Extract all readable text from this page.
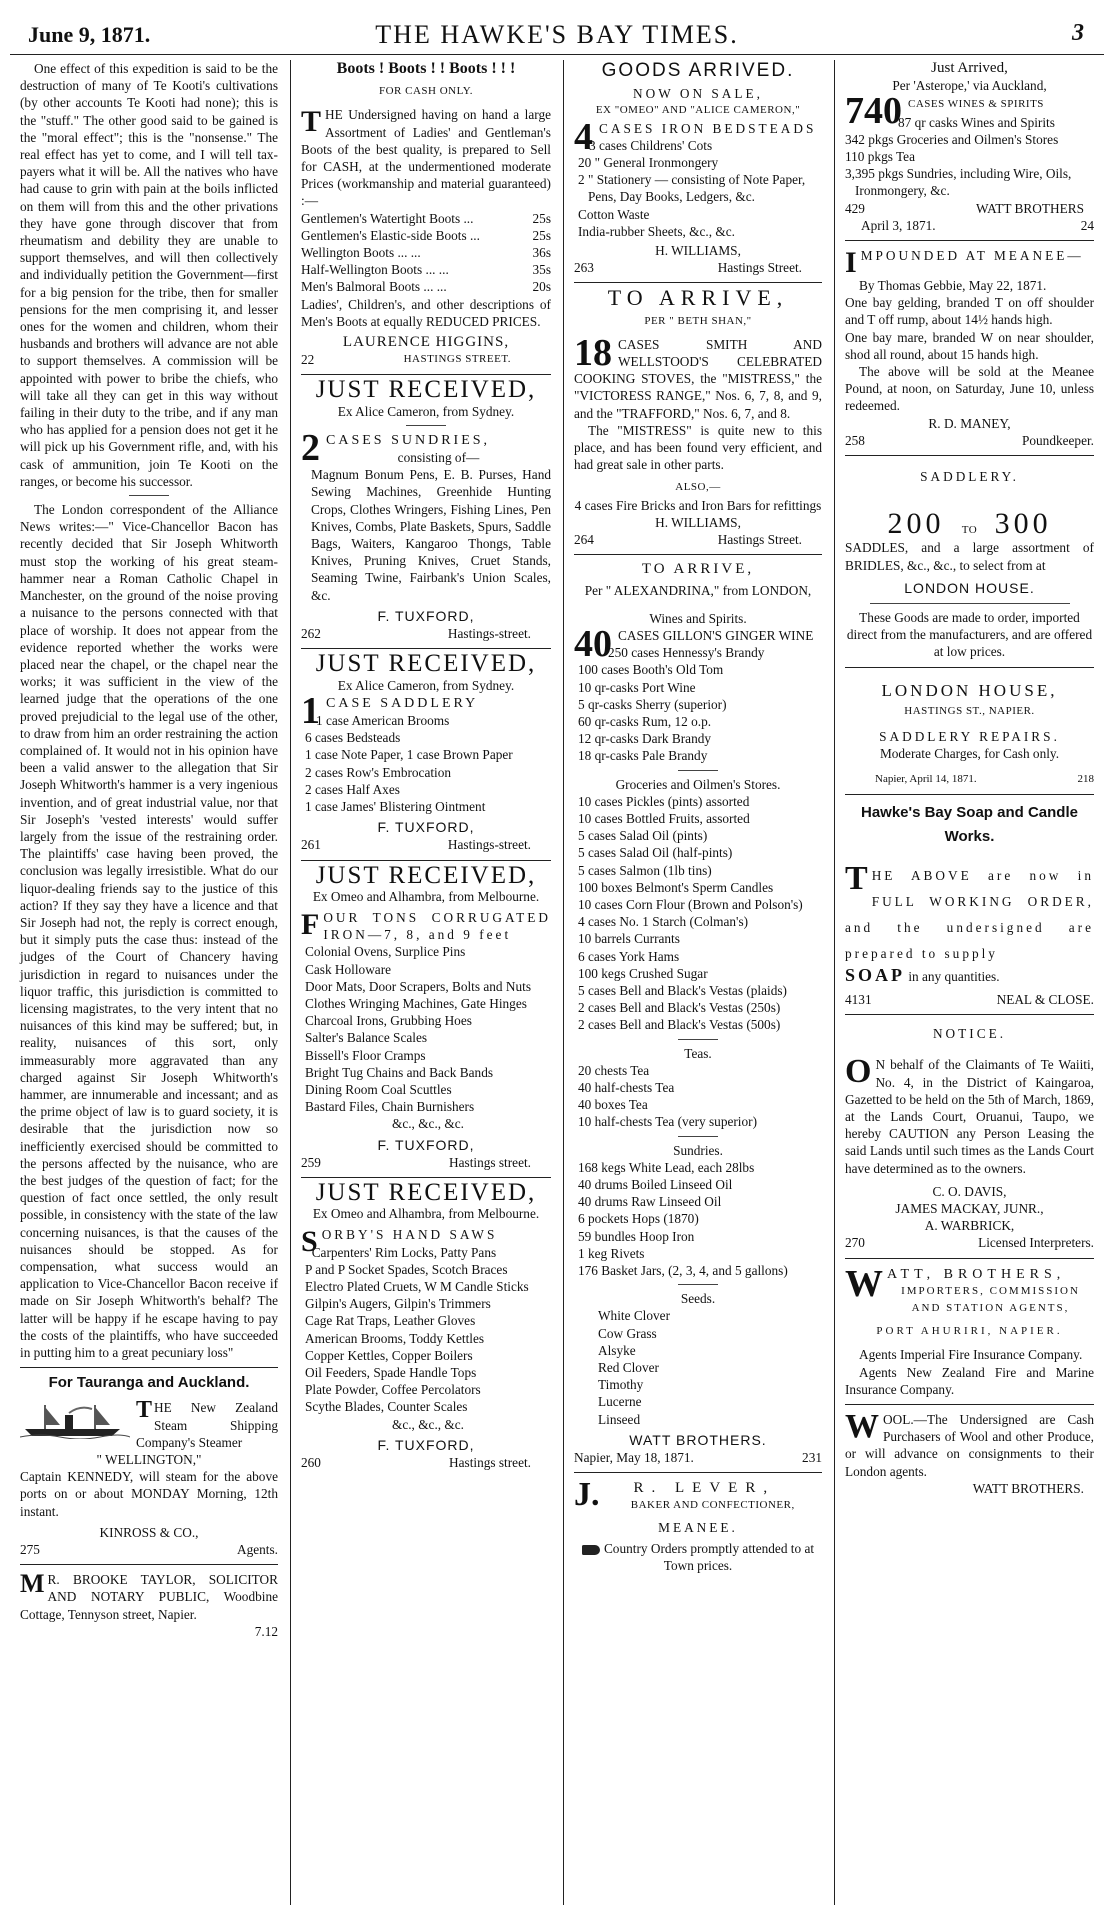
June 9, 1871.	THE HAWKE'S BAY TIMES.	3

One effect of this expedition is said to be the destruction of many of Te Kooti's cultivations (by other accounts Te Kooti had none); this is the "stuff." The other good said to be gained is the "moral effect"; this is the "nonsense." The real effect has yet to come, and I will tell tax-payers what it will be. All the natives who have had cause to grin with pain at the boils inflicted on them will from this and the other privations they have gone through discover that from rheumatism and debility they are unable to support themselves, and will then collectively and individually petition the Government—first for a big pension for the tribe, then for smaller pensions for the men comprising it, and lesser ones for the women and children, whom their husbands and brothers will advance are not able to support themselves. A commission will be appointed with power to bribe the chiefs, who will take all they can get in this way without failing in their duty to the tribe, and if any man who has applied for a pension does not get it he will pick up his Government rifle, and, with his cask of ammunition, join Te Kooti on the ranges, or become his successor.

The London correspondent of the Alliance News writes:—" Vice-Chancellor Bacon has recently decided that Sir Joseph Whitworth must stop the working of his great steam-hammer near a Roman Catholic Chapel in Manchester, on the ground of the noise proving a nuisance to the persons connected with that place of worship. It does not appear from the evidence reported whether the works were placed near the chapel, or the chapel near the works; it was sufficient in the view of the learned judge that the operations of the one proved prejudicial to the legal use of the other, to draw from him an order restraining the action complained of. It would not in his opinion have been a valid answer to the allegation that Sir Joseph Whitworth's hammer is a very ingenious invention, and of great industrial value, nor that Sir Joseph's 'vested interests' would suffer largely from the issue of the restraining order. The plaintiffs' case having been proved, the conclusion was legally irresistible. What do our liquor-dealing friends say to the justice of this action? If they say they have a licence and that Sir Joseph had not, the reply is correct enough, but it simply puts the case thus: instead of the judges of the Court of Chancery having jurisdiction in regard to nuisances under the liquor traffic, this jurisdiction is committed to licensing magistrates, to the very intent that no nuisances of this kind may be suffered; but, in reality, nuisances of this sort, only immeasurably more aggravated than any charged against Sir Joseph Whitworth's hammer, are innumerable and incessant; and as the prime object of law is to guard society, it is desirable that the jurisdiction now so inefficiently exercised should be committed to the persons affected by the nuisance, who are the best judges of the question of fact; for the question of fact once settled, the only result possible, in consistency with the state of the law concerning nuisances, is that the causes of the nuisances should be stopped. As for compensation, what success would an application to Vice-Chancellor Bacon receive if made on Sir Joseph Whitworth's behalf? The latter will be happy if he escape having to pay the costs of the plaintiffs, who have succeeded in putting him to a great pecuniary loss"

For Tauranga and Auckland.

THE New Zealand Steam Shipping Company's Steamer

" WELLINGTON,"

Captain KENNEDY, will steam for the above ports on or about MONDAY Morning, 12th instant.

KINROSS & CO.,
275	Agents.

M R. BROOKE TAYLOR, SOLICITOR AND NOTARY PUBLIC, Woodbine Cottage, Tennyson street, Napier.

7.12
Boots ! Boots ! ! Boots ! ! !
FOR CASH ONLY.

THE Undersigned having on hand a large Assortment of Ladies' and Gentleman's Boots of the best quality, is prepared to Sell for CASH, at the undermentioned moderate Prices (workmanship and material guaranteed) :—

Gentlemen's Watertight Boots ...	25s
Gentlemen's Elastic-side Boots ...	25s
Wellington Boots ... ...	36s
Half-Wellington Boots ... ...	35s
Men's Balmoral Boots ... ...	20s

Ladies', Children's, and other descriptions of Men's Boots at equally REDUCED PRICES.

LAURENCE HIGGINS,
22	HASTINGS STREET.
JUST RECEIVED,
Ex Alice Cameron, from Sydney.
2 CASES SUNDRIES,
consisting of—

Magnum Bonum Pens, E. B. Purses, Hand Sewing Machines, Greenhide Hunting Crops, Clothes Wringers, Fishing Lines, Pen Knives, Combs, Plate Baskets, Spurs, Saddle Bags, Waiters, Kangaroo Thongs, Table Knives, Pruning Knives, Cruet Stands, Seaming Twine, Fairbank's Union Scales, &c.

F. TUXFORD,
262	Hastings-street.
JUST RECEIVED,
Ex Alice Cameron, from Sydney.
1 CASE SADDLERY
1 case American Brooms
6 cases Bedsteads
1 case Note Paper, 1 case Brown Paper
2 cases Row's Embrocation
2 cases Half Axes
1 case James' Blistering Ointment
F. TUXFORD,
261	Hastings-street.
JUST RECEIVED,
Ex Omeo and Alhambra, from Melbourne.

FOUR TONS CORRUGATED IRON—7, 8, and 9 feet

Colonial Ovens, Surplice Pins
Cask Holloware
Door Mats, Door Scrapers, Bolts and Nuts
Clothes Wringing Machines, Gate Hinges
Charcoal Irons, Grubbing Hoes
Salter's Balance Scales
Bissell's Floor Cramps
Bright Tug Chains and Back Bands
Dining Room Coal Scuttles
Bastard Files, Chain Burnishers
&c., &c., &c.
F. TUXFORD,
259	Hastings street.
JUST RECEIVED,
Ex Omeo and Alhambra, from Melbourne.

SORBY'S HAND SAWS

Carpenters' Rim Locks, Patty Pans
P and P Socket Spades, Scotch Braces
Electro Plated Cruets, W M Candle Sticks
Gilpin's Augers, Gilpin's Trimmers
Cage Rat Traps, Leather Gloves
American Brooms, Toddy Kettles
Copper Kettles, Copper Boilers
Oil Feeders, Spade Handle Tops
Plate Powder, Coffee Percolators
Scythe Blades, Counter Scales
&c., &c., &c.
F. TUXFORD,
260	Hastings street.
GOODS ARRIVED.
NOW ON SALE,
EX "OMEO" AND "ALICE CAMERON,"
4 CASES IRON BEDSTEADS
3 cases Childrens' Cots
20 " General Ironmongery
2 " Stationery — consisting of Note Paper, Pens, Day Books, Ledgers, &c.
Cotton Waste
India-rubber Sheets, &c., &c.
H. WILLIAMS,
263	Hastings Street.
TO ARRIVE,
PER " BETH SHAN,"

18 CASES SMITH AND WELLSTOOD'S CELEBRATED COOKING STOVES, the "MISTRESS," the "VICTORESS RANGE," Nos. 6, 7, 8, and 9, and the "TRAFFORD," Nos. 6, 7, and 8.

The "MISTRESS" is quite new to this place, and has been found very efficient, and had great sale in other parts.

ALSO,—
4 cases Fire Bricks and Iron Bars for refittings
H. WILLIAMS,
264	Hastings Street.
TO ARRIVE,
Per " ALEXANDRINA," from LONDON,
Wines and Spirits.
40 CASES GILLON'S GINGER WINE
250 cases Hennessy's Brandy
100 cases Booth's Old Tom
10 qr-casks Port Wine
5 qr-casks Sherry (superior)
60 qr-casks Rum, 12 o.p.
12 qr-casks Dark Brandy
18 qr-casks Pale Brandy
Groceries and Oilmen's Stores.
10 cases Pickles (pints) assorted
10 cases Bottled Fruits, assorted
5 cases Salad Oil (pints)
5 cases Salad Oil (half-pints)
5 cases Salmon (1lb tins)
100 boxes Belmont's Sperm Candles
10 cases Corn Flour (Brown and Polson's)
4 cases No. 1 Starch (Colman's)
10 barrels Currants
6 cases York Hams
100 kegs Crushed Sugar
5 cases Bell and Black's Vestas (plaids)
2 cases Bell and Black's Vestas (250s)
2 cases Bell and Black's Vestas (500s)
Teas.
20 chests Tea
40 half-chests Tea
40 boxes Tea
10 half-chests Tea (very superior)
Sundries.
168 kegs White Lead, each 28lbs
40 drums Boiled Linseed Oil
40 drums Raw Linseed Oil
6 pockets Hops (1870)
59 bundles Hoop Iron
1 keg Rivets
176 Basket Jars, (2, 3, 4, and 5 gallons)
Seeds.
White Clover
Cow Grass
Alsyke
Red Clover
Timothy
Lucerne
Linseed
WATT BROTHERS.
Napier, May 18, 1871.	231
J. R. LEVER,
BAKER AND CONFECTIONER,
MEANEE.
Country Orders promptly attended to at Town prices.
Just Arrived,
Per 'Asterope,' via Auckland,
740 CASES WINES & SPIRITS
87 qr casks Wines and Spirits
342 pkgs Groceries and Oilmen's Stores
110 pkgs Tea
3,395 pkgs Sundries, including Wire, Oils, Ironmongery, &c.
429	WATT BROTHERS
April 3, 1871.	24
IMPOUNDED AT MEANEE—
By Thomas Gebbie, May 22, 1871.

One bay gelding, branded T on off shoulder and T off rump, about 14½ hands high.

One bay mare, branded W on near shoulder, shod all round, about 15 hands high.

The above will be sold at the Meanee Pound, at noon, on Saturday, June 10, unless redeemed.

R. D. MANEY,
258	Poundkeeper.
SADDLERY.
200 TO 300

SADDLES, and a large assortment of BRIDLES, &c., &c., to select from at

LONDON HOUSE.

These Goods are made to order, imported direct from the manufacturers, and are offered at low prices.

LONDON HOUSE,
HASTINGS ST., NAPIER.
SADDLERY REPAIRS.
Moderate Charges, for Cash only.
Napier, April 14, 1871.	218
Hawke's Bay Soap and Candle Works.

THE ABOVE are now in FULL WORKING ORDER, and the undersigned are prepared to supply

SOAP in any quantities.
4131	NEAL & CLOSE.
NOTICE.

O N behalf of the Claimants of Te Waiiti, No. 4, in the District of Kaingaroa, Gazetted to be held on the 5th of March, 1869, at the Lands Court, Oruanui, Taupo, we hereby CAUTION any Person Leasing the said Lands until such times as the Lands Court have determined as to the owners.

C. O. DAVIS,
JAMES MACKAY, JUNR.,
A. WARBRICK,
270	Licensed Interpreters.
WATT, BROTHERS,
IMPORTERS, COMMISSION AND STATION AGENTS,
PORT AHURIRI, NAPIER.

Agents Imperial Fire Insurance Company.

Agents New Zealand Fire and Marine Insurance Company.

WOOL.—The Undersigned are Cash Purchasers of Wool and other Produce, or will advance on consignments to their London agents.

WATT BROTHERS.
